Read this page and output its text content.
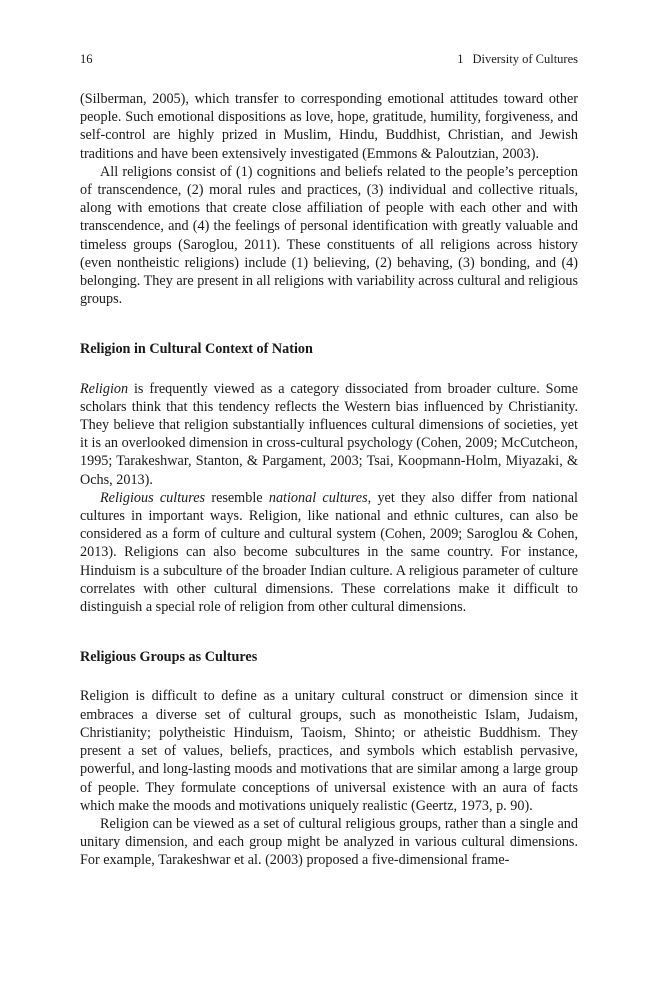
16	1 Diversity of Cultures

(Silberman, 2005), which transfer to corresponding emotional attitudes toward other people. Such emotional dispositions as love, hope, gratitude, humility, forgiveness, and self-control are highly prized in Muslim, Hindu, Buddhist, Christian, and Jewish traditions and have been extensively investigated (Emmons & Paloutzian, 2003).

All religions consist of (1) cognitions and beliefs related to the people’s perception of transcendence, (2) moral rules and practices, (3) individual and collective rituals, along with emotions that create close affiliation of people with each other and with transcendence, and (4) the feelings of personal identification with greatly valuable and timeless groups (Saroglou, 2011). These constituents of all religions across history (even nontheistic religions) include (1) believing, (2) behaving, (3) bonding, and (4) belonging. They are present in all religions with variability across cultural and religious groups.

Religion in Cultural Context of Nation

Religion is frequently viewed as a category dissociated from broader culture. Some scholars think that this tendency reflects the Western bias influenced by Christianity. They believe that religion substantially influences cultural dimensions of societies, yet it is an overlooked dimension in cross-cultural psychology (Cohen, 2009; McCutcheon, 1995; Tarakeshwar, Stanton, & Pargament, 2003; Tsai, Koopmann-Holm, Miyazaki, & Ochs, 2013).

Religious cultures resemble national cultures, yet they also differ from national cultures in important ways. Religion, like national and ethnic cultures, can also be considered as a form of culture and cultural system (Cohen, 2009; Saroglou & Cohen, 2013). Religions can also become subcultures in the same country. For instance, Hinduism is a subculture of the broader Indian culture. A religious parameter of culture correlates with other cultural dimensions. These correlations make it difficult to distinguish a special role of religion from other cultural dimensions.

Religious Groups as Cultures

Religion is difficult to define as a unitary cultural construct or dimension since it embraces a diverse set of cultural groups, such as monotheistic Islam, Judaism, Christianity; polytheistic Hinduism, Taoism, Shinto; or atheistic Buddhism. They present a set of values, beliefs, practices, and symbols which establish pervasive, powerful, and long-lasting moods and motivations that are similar among a large group of people. They formulate conceptions of universal existence with an aura of facts which make the moods and motivations uniquely realistic (Geertz, 1973, p. 90).

Religion can be viewed as a set of cultural religious groups, rather than a single and unitary dimension, and each group might be analyzed in various cultural dimensions. For example, Tarakeshwar et al. (2003) proposed a five-dimensional frame-
